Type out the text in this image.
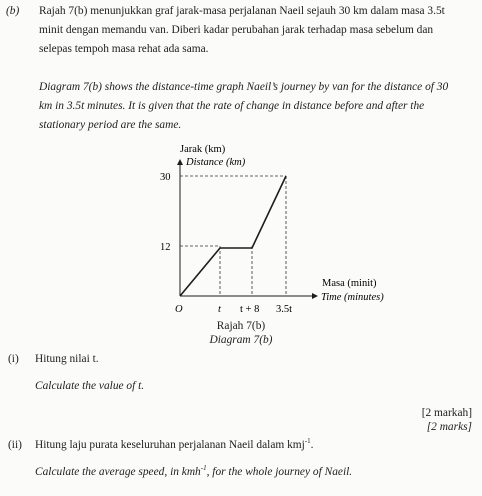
(b) Rajah 7(b) menunjukkan graf jarak-masa perjalanan Naeil sejauh 30 km dalam masa 3.5t
minit dengan memandu van. Diberi kadar perubahan jarak terhadap masa sebelum dan
selepas tempoh masa rehat ada sama.
Diagram 7(b) shows the distance-time graph Naeil’s journey by van for the distance of 30
km in 3.5t minutes. It is given that the rate of change in distance before and after the
stationary period are the same.
Jarak (km)
Distance (km)
Masa (minit)
Time (minutes)
30
12
O	t t + 8 3.5t
Rajah 7(b)
Diagram 7(b)
(i) Hitung nilai t.
Calculate the value of t.
[2 markah]
[2 marks]
(ii) Hitung laju purata keseluruhan perjalanan Naeil dalam kmj$^{-1}$.
Calculate the average speed, in kmh$^{-1}$, for the whole journey of Naeil.
